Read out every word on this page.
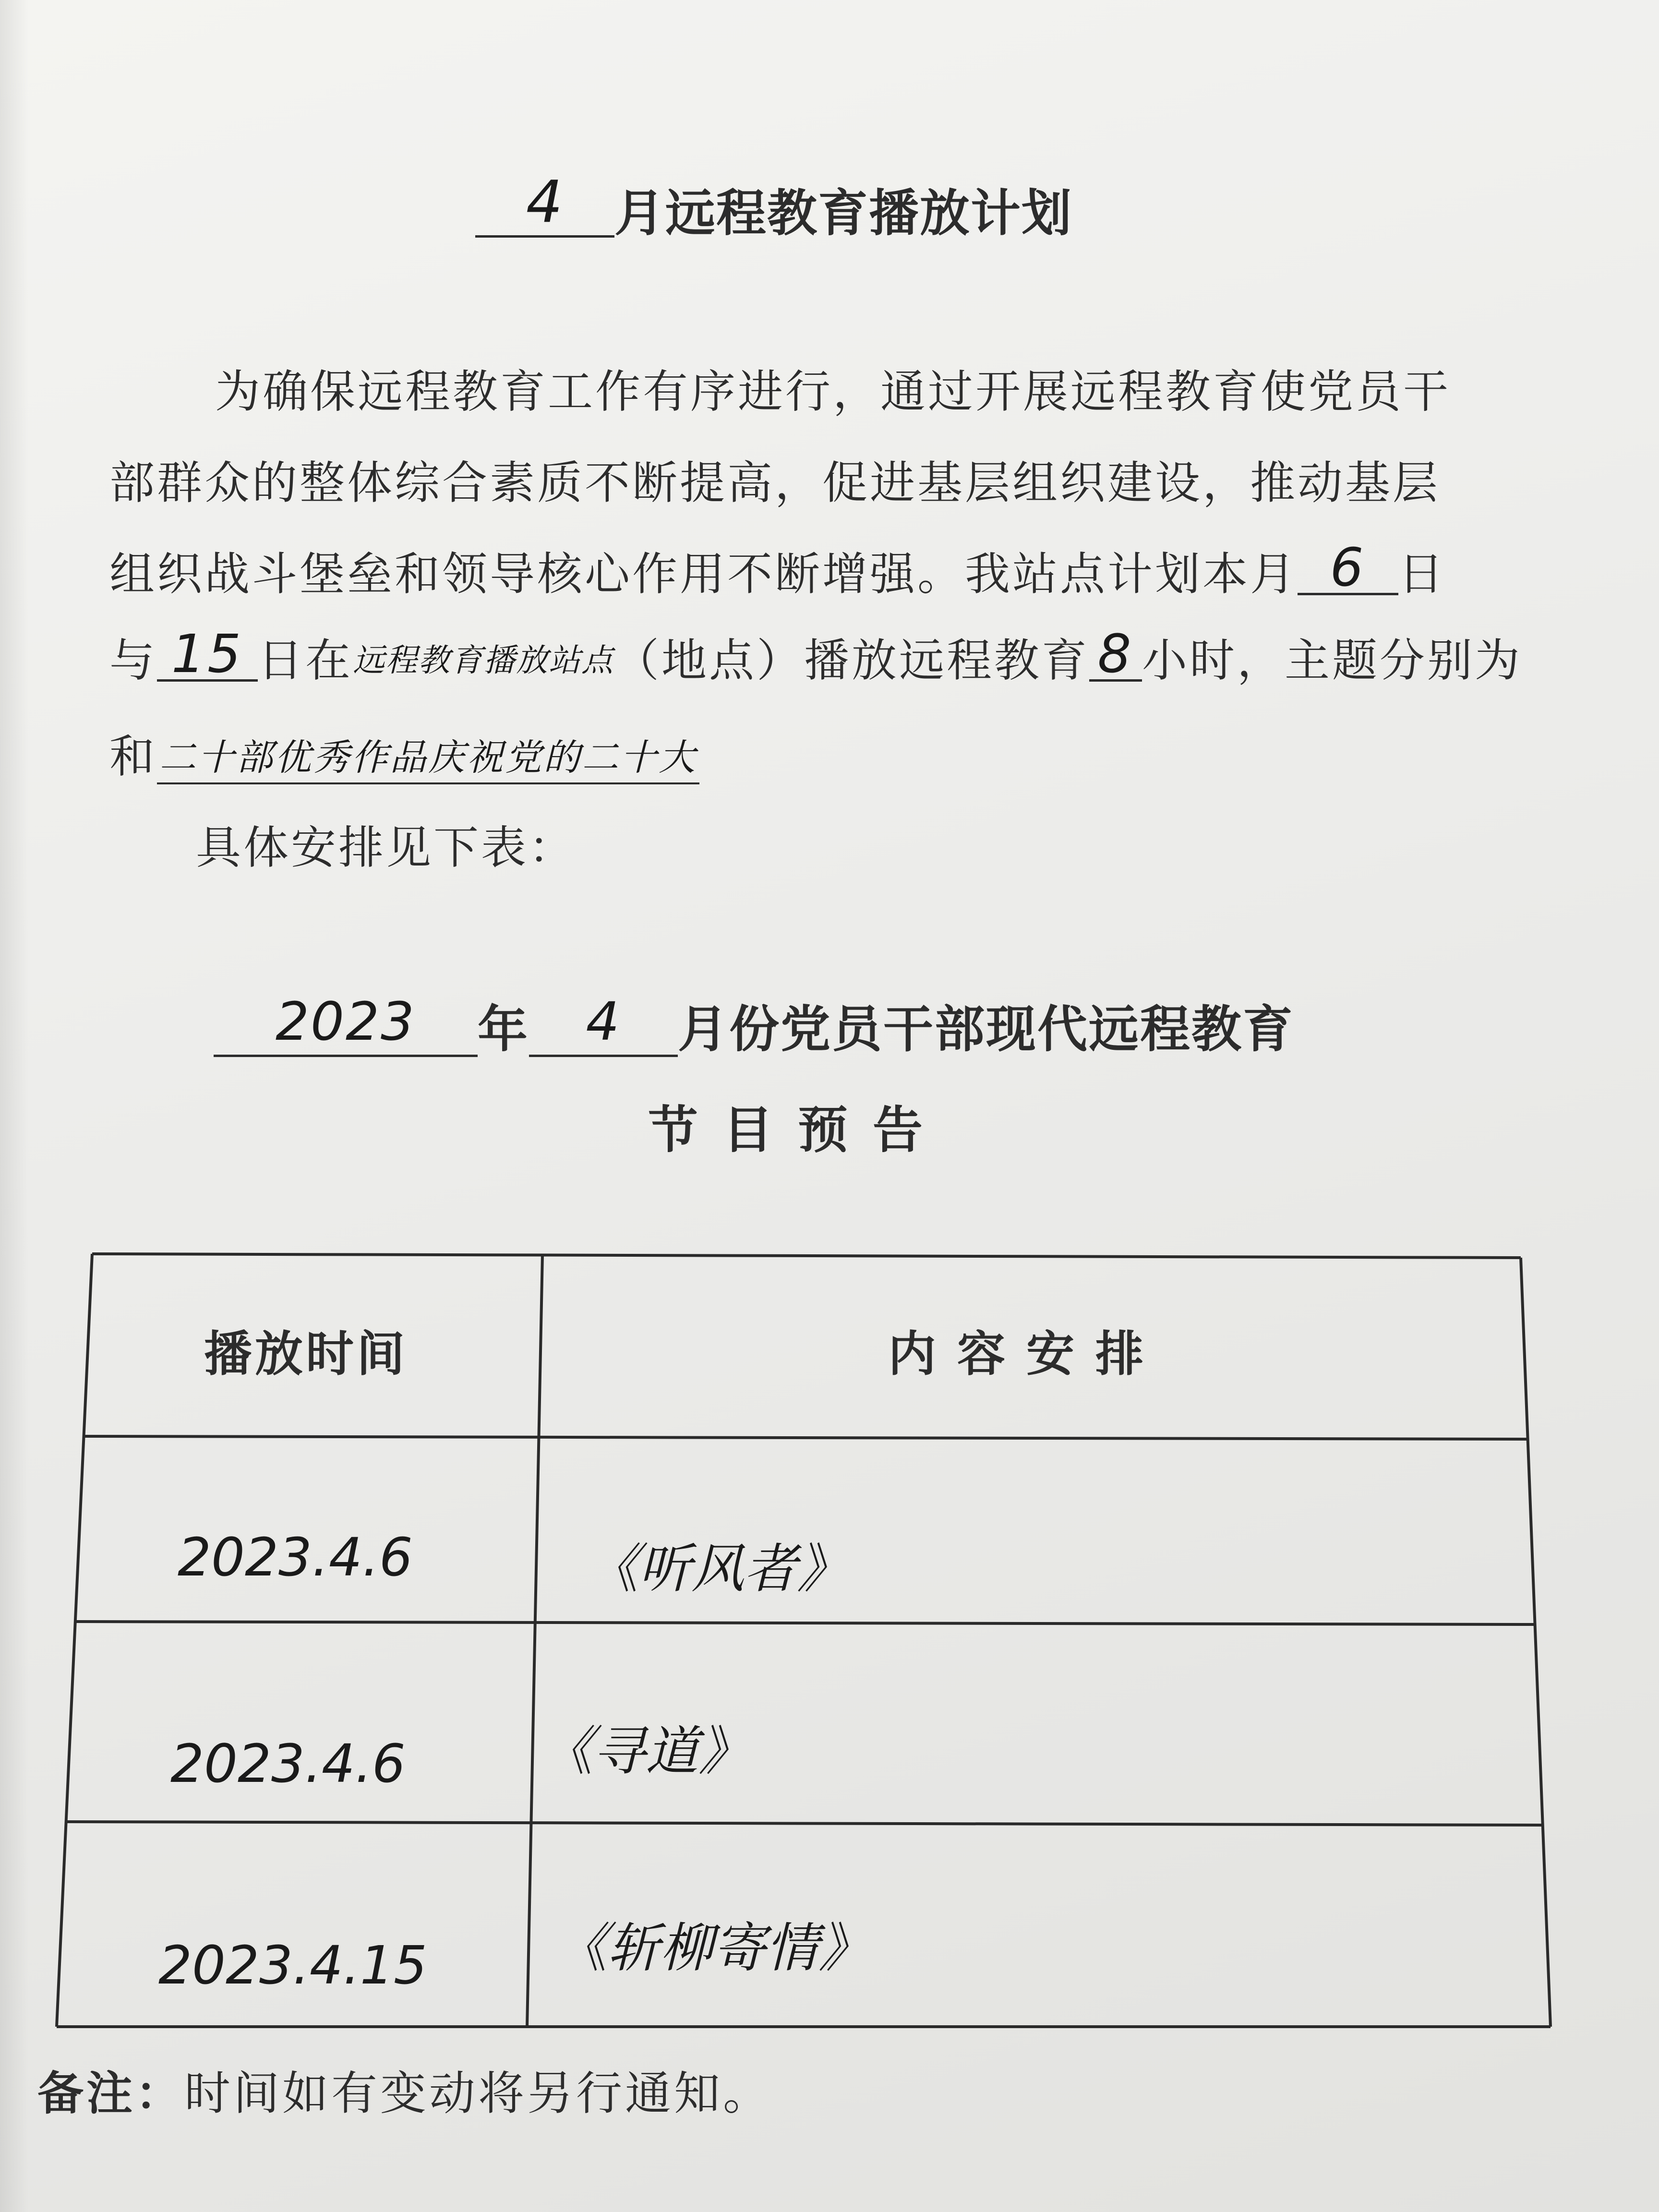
4 月远程教育播放计划
为确保远程教育工作有序进行，通过开展远程教育使党员干
部群众的整体综合素质不断提高，促进基层组织建设，推动基层
组织战斗堡垒和领导核心作用不断增强。我站点计划本月 6 日
与 15 日在远程教育播放站点（地点）播放远程教育 8 小时，主题分别为
和二十部优秀作品庆祝党的二十大
具体安排见下表：
2023 年 4 月份党员干部现代远程教育
节目预告
播放时间	内容安排
2023.4.6	《听风者》
2023.4.6	《寻道》
2023.4.15 《斩柳寄情》
备注：时间如有变动将另行通知。
